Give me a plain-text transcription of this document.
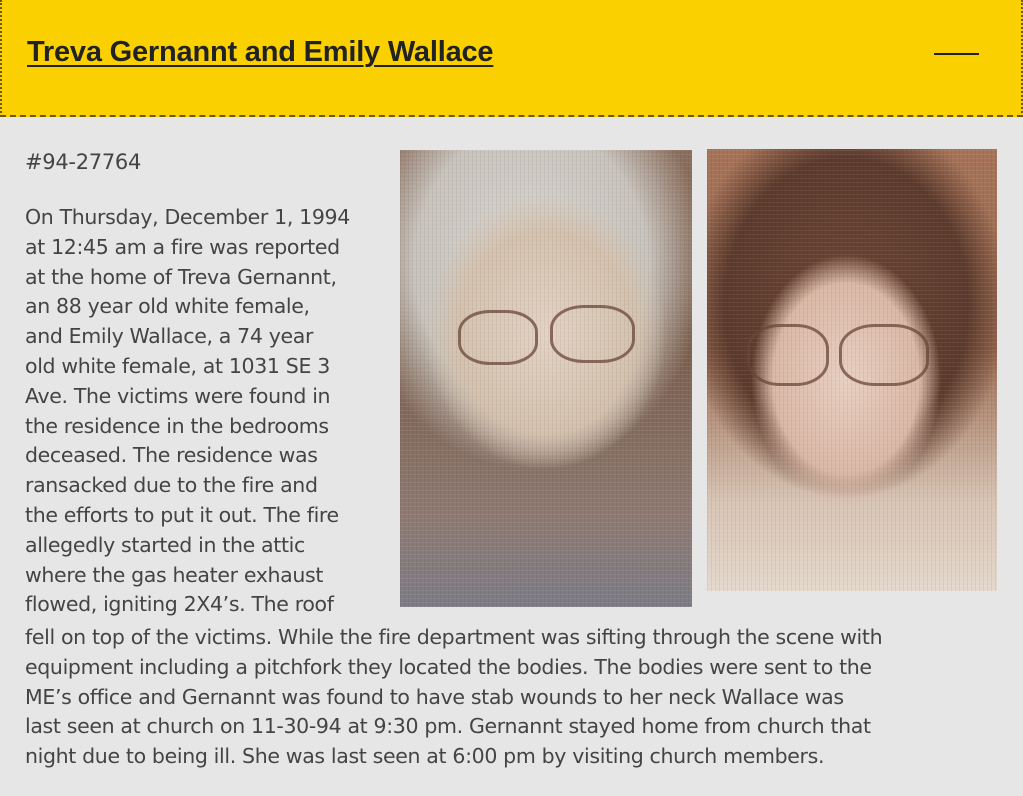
Treva Gernannt and Emily Wallace
#94-27764
On Thursday, December 1, 1994
at 12:45 am a fire was reported
at the home of Treva Gernannt,
an 88 year old white female,
and Emily Wallace, a 74 year
old white female, at 1031 SE 3
Ave. The victims were found in
the residence in the bedrooms
deceased. The residence was
ransacked due to the fire and
the efforts to put it out. The fire
allegedly started in the attic
where the gas heater exhaust
flowed, igniting 2X4’s. The roof
fell on top of the victims. While the fire department was sifting through the scene with
equipment including a pitchfork they located the bodies. The bodies were sent to the
ME’s office and Gernannt was found to have stab wounds to her neck Wallace was
last seen at church on 11-30-94 at 9:30 pm. Gernannt stayed home from church that
night due to being ill. She was last seen at 6:00 pm by visiting church members.
